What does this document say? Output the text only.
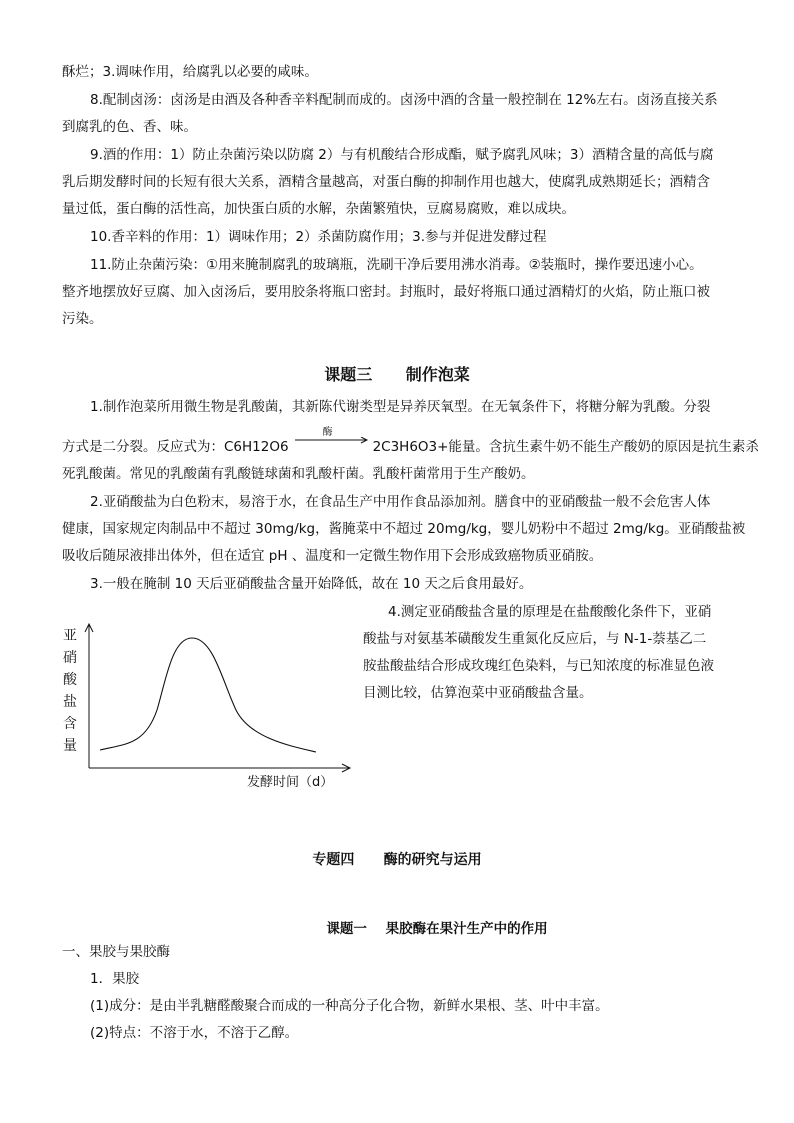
酥烂；3.调味作用，给腐乳以必要的咸味。
8.配制卤汤：卤汤是由酒及各种香辛料配制而成的。卤汤中酒的含量一般控制在 12%左右。卤汤直接关系
到腐乳的色、香、味。
9.酒的作用：1）防止杂菌污染以防腐 2）与有机酸结合形成酯，赋予腐乳风味；3）酒精含量的高低与腐
乳后期发酵时间的长短有很大关系，酒精含量越高，对蛋白酶的抑制作用也越大，使腐乳成熟期延长；酒精含
量过低，蛋白酶的活性高，加快蛋白质的水解，杂菌繁殖快，豆腐易腐败，难以成块。
10.香辛料的作用：1）调味作用；2）杀菌防腐作用；3.参与并促进发酵过程
11.防止杂菌污染：①用来腌制腐乳的玻璃瓶，洗刷干净后要用沸水消毒。②装瓶时，操作要迅速小心。
整齐地摆放好豆腐、加入卤汤后，要用胶条将瓶口密封。封瓶时，最好将瓶口通过酒精灯的火焰，防止瓶口被
污染。
课题三      制作泡菜
1.制作泡菜所用微生物是乳酸菌，其新陈代谢类型是异养厌氧型。在无氧条件下，将糖分解为乳酸。分裂
方式是二分裂。反应式为：C6H12O6
酶
2C3H6O3+能量。含抗生素牛奶不能生产酸奶的原因是抗生素杀
死乳酸菌。常见的乳酸菌有乳酸链球菌和乳酸杆菌。乳酸杆菌常用于生产酸奶。
2.亚硝酸盐为白色粉末，易溶于水，在食品生产中用作食品添加剂。膳食中的亚硝酸盐一般不会危害人体
健康，国家规定肉制品中不超过 30mg/kg，酱腌菜中不超过 20mg/kg，婴儿奶粉中不超过 2mg/kg。亚硝酸盐被
吸收后随尿液排出体外，但在适宜 pH 、温度和一定微生物作用下会形成致癌物质亚硝胺。
3.一般在腌制 10 天后亚硝酸盐含量开始降低，故在 10 天之后食用最好。
4.测定亚硝酸盐含量的原理是在盐酸酸化条件下，亚硝
酸盐与对氨基苯磺酸发生重氮化反应后，与 N-1-萘基乙二
胺盐酸盐结合形成玫瑰红色染料，与已知浓度的标准显色液
目测比较，估算泡菜中亚硝酸盐含量。
亚
硝
酸
盐
含
量
发酵时间（d）
专题四      酶的研究与运用
课题一    果胶酶在果汁生产中的作用
一、果胶与果胶酶
1．果胶
(1)成分：是由半乳糖醛酸聚合而成的一种高分子化合物，新鲜水果根、茎、叶中丰富。
(2)特点：不溶于水，不溶于乙醇。
